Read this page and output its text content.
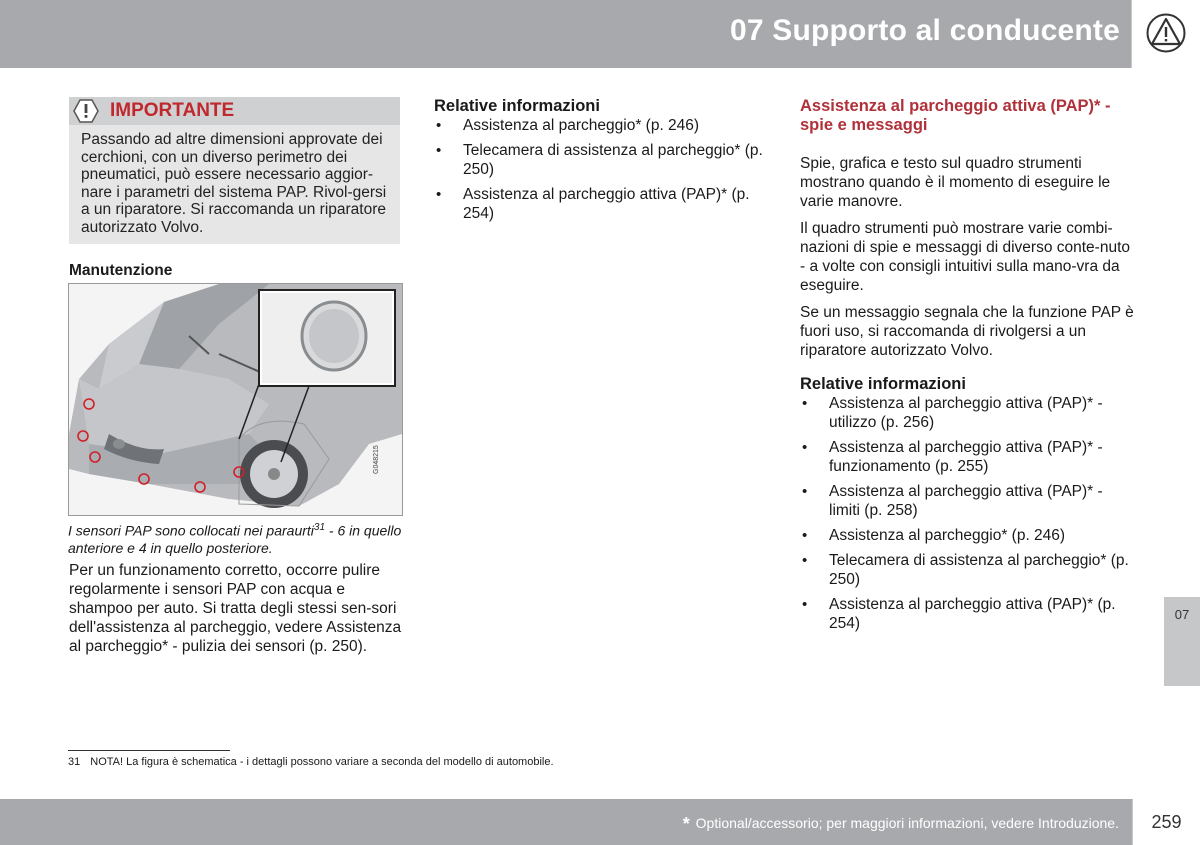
07 Supporto al conducente
IMPORTANTE
Passando ad altre dimensioni approvate dei cerchioni, con un diverso perimetro dei pneumatici, può essere necessario aggior-nare i parametri del sistema PAP. Rivol-gersi a un riparatore. Si raccomanda un riparatore autorizzato Volvo.
Manutenzione
G048215
I sensori PAP sono collocati nei paraurti$^{31}$ - 6 in quello anteriore e 4 in quello posteriore.

Per un funzionamento corretto, occorre pulire regolarmente i sensori PAP con acqua e shampoo per auto. Si tratta degli stessi sen-sori dell'assistenza al parcheggio, vedere Assistenza al parcheggio* - pulizia dei sensori (p. 250).

Relative informazioni
• Assistenza al parcheggio* (p. 246)
• Telecamera di assistenza al parcheggio* (p. 250)
• Assistenza al parcheggio attiva (PAP)* (p. 254)
Assistenza al parcheggio attiva (PAP)* - spie e messaggi

Spie, grafica e testo sul quadro strumenti mostrano quando è il momento di eseguire le varie manovre.

Il quadro strumenti può mostrare varie combi-nazioni di spie e messaggi di diverso conte-nuto - a volte con consigli intuitivi sulla mano-vra da eseguire.

Se un messaggio segnala che la funzione PAP è fuori uso, si raccomanda di rivolgersi a un riparatore autorizzato Volvo.

Relative informazioni
• Assistenza al parcheggio attiva (PAP)* - utilizzo (p. 256)
• Assistenza al parcheggio attiva (PAP)* - funzionamento (p. 255)
• Assistenza al parcheggio attiva (PAP)* - limiti (p. 258)
• Assistenza al parcheggio* (p. 246)
• Telecamera di assistenza al parcheggio* (p. 250)
• Assistenza al parcheggio attiva (PAP)* (p. 254)
07
31 NOTA! La figura è schematica - i dettagli possono variare a seconda del modello di automobile.
* Optional/accessorio; per maggiori informazioni, vedere Introduzione.	259
